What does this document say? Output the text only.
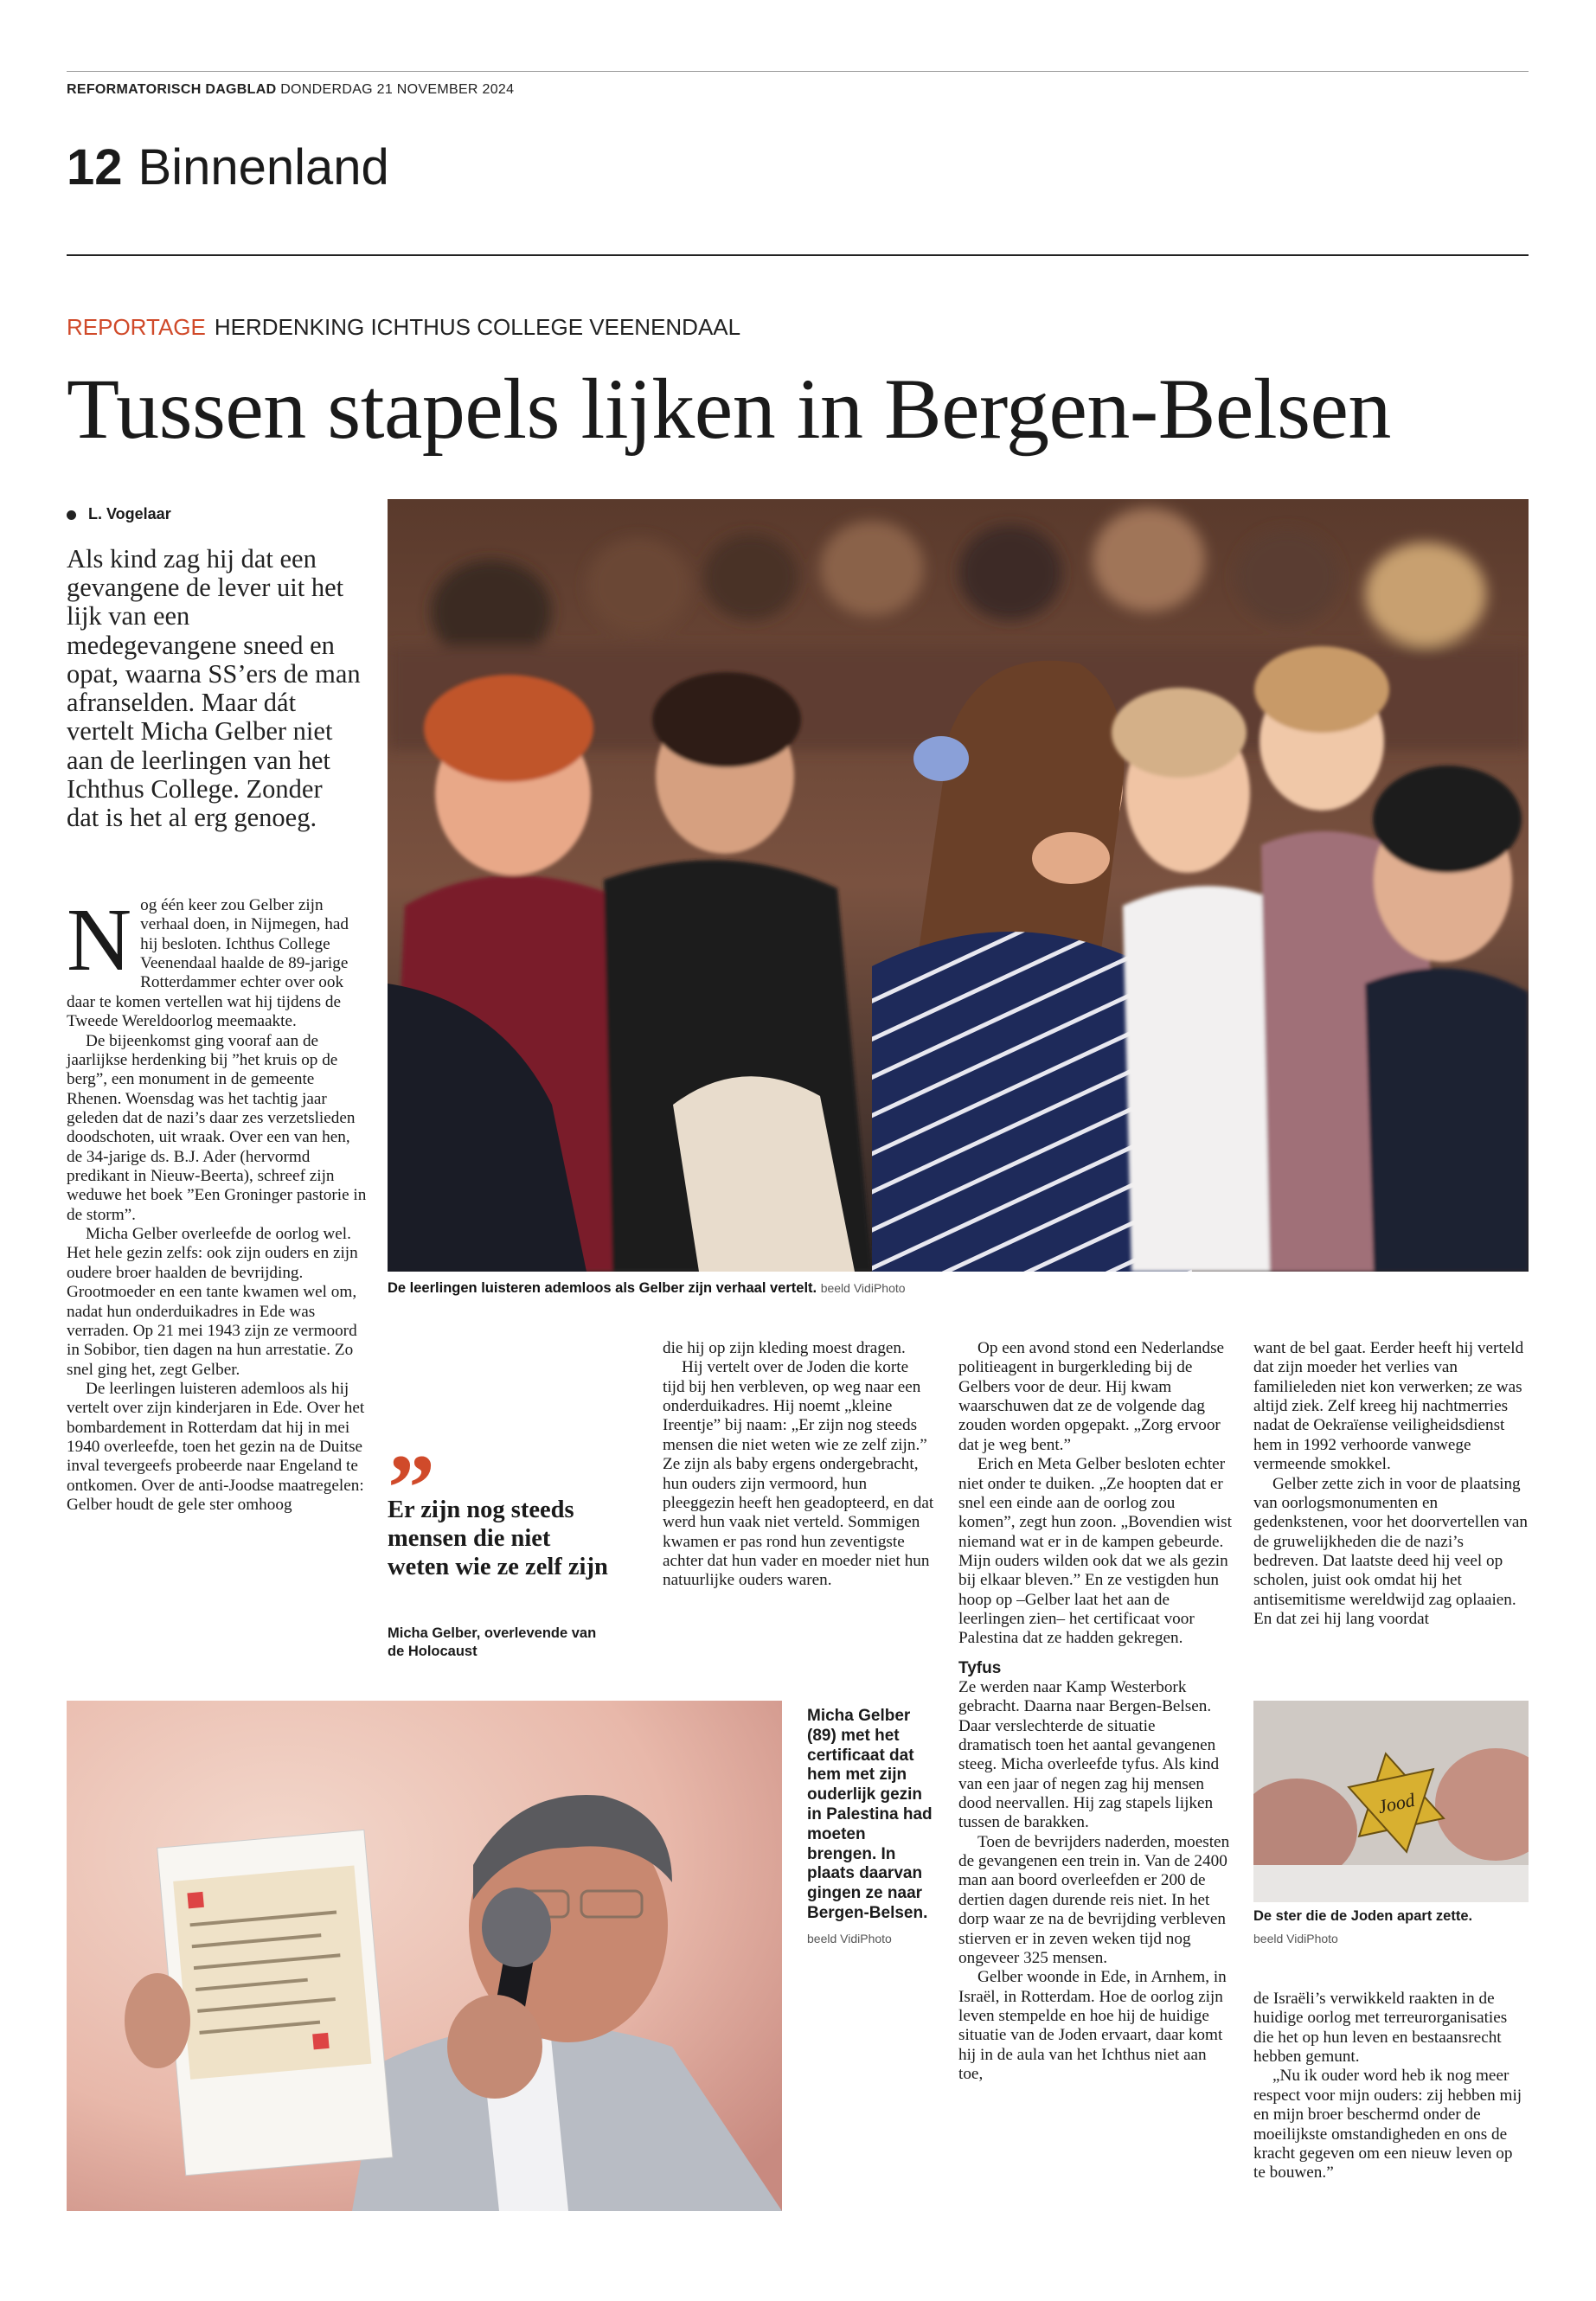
REFORMATORISCH DAGBLAD DONDERDAG 21 NOVEMBER 2024
12 Binnenland
REPORTAGE HERDENKING ICHTHUS COLLEGE VEENENDAAL
Tussen stapels lijken in Bergen-Belsen
L. Vogelaar

Als kind zag hij dat een gevangene de lever uit het lijk van een medegevangene sneed en opat, waarna SS’ers de man afranselden. Maar dát vertelt Micha Gelber niet aan de leerlingen van het Ichthus College. Zonder dat is het al erg genoeg.

Nog één keer zou Gelber zijn verhaal doen, in Nijmegen, had hij besloten. Ichthus College Veenendaal haalde de 89-jarige Rotterdammer echter over ook daar te komen vertellen wat hij tijdens de Tweede Wereldoorlog meemaakte.

De bijeenkomst ging vooraf aan de jaarlijkse herdenking bij ”het kruis op de berg”, een monument in de gemeente Rhenen. Woensdag was het tachtig jaar geleden dat de nazi’s daar zes verzetslieden doodschoten, uit wraak. Over een van hen, de 34-jarige ds. B.J. Ader (hervormd predikant in Nieuw-Beerta), schreef zijn weduwe het boek ”Een Groninger pastorie in de storm”.

Micha Gelber overleefde de oorlog wel. Het hele gezin zelfs: ook zijn ouders en zijn oudere broer haalden de bevrijding. Grootmoeder en een tante kwamen wel om, nadat hun onderduikadres in Ede was verraden. Op 21 mei 1943 zijn ze vermoord in Sobibor, tien dagen na hun arrestatie. Zo snel ging het, zegt Gelber.

De leerlingen luisteren ademloos als hij vertelt over zijn kinderjaren in Ede. Over het bombardement in Rotterdam dat hij in mei 1940 overleefde, toen het gezin na de Duitse inval tevergeefs probeerde naar Engeland te ontkomen. Over de anti-Joodse maatregelen: Gelber houdt de gele ster omhoog

De leerlingen luisteren ademloos als Gelber zijn verhaal vertelt. beeld VidiPhoto
”

Er zijn nog steeds mensen die niet weten wie ze zelf zijn

Micha Gelber, overlevende van de Holocaust

die hij op zijn kleding moest dragen.

Hij vertelt over de Joden die korte tijd bij hen verbleven, op weg naar een onderduikadres. Hij noemt „kleine Ireentje” bij naam: „Er zijn nog steeds mensen die niet weten wie ze zelf zijn.” Ze zijn als baby ergens ondergebracht, hun ouders zijn vermoord, hun pleeggezin heeft hen geadopteerd, en dat werd hun vaak niet verteld. Sommigen kwamen er pas rond hun zeventigste achter dat hun vader en moeder niet hun natuurlijke ouders waren.

Op een avond stond een Nederlandse politieagent in burgerkleding bij de Gelbers voor de deur. Hij kwam waarschuwen dat ze de volgende dag zouden worden opgepakt. „Zorg ervoor dat je weg bent.”

Erich en Meta Gelber besloten echter niet onder te duiken. „Ze hoopten dat er snel een einde aan de oorlog zou komen”, zegt hun zoon. „Bovendien wist niemand wat er in de kampen gebeurde. Mijn ouders wilden ook dat we als gezin bij elkaar bleven.” En ze vestigden hun hoop op –Gelber laat het aan de leerlingen zien– het certificaat voor Palestina dat ze hadden gekregen.

Tyfus

Ze werden naar Kamp Westerbork gebracht. Daarna naar Bergen-Belsen. Daar verslechterde de situatie dramatisch toen het aantal gevangenen steeg. Micha overleefde tyfus. Als kind van een jaar of negen zag hij mensen dood neervallen. Hij zag stapels lijken tussen de barakken.

Toen de bevrijders naderden, moesten de gevangenen een trein in. Van de 2400 man aan boord overleefden er 200 de dertien dagen durende reis niet. In het dorp waar ze na de bevrijding verbleven stierven er in zeven weken tijd nog ongeveer 325 mensen.

Gelber woonde in Ede, in Arnhem, in Israël, in Rotterdam. Hoe de oorlog zijn leven stempelde en hoe hij de huidige situatie van de Joden ervaart, daar komt hij in de aula van het Ichthus niet aan toe,

want de bel gaat. Eerder heeft hij verteld dat zijn moeder het verlies van familieleden niet kon verwerken; ze was altijd ziek. Zelf kreeg hij nachtmerries nadat de Oekraïense veiligheidsdienst hem in 1992 verhoorde vanwege vermeende smokkel.

Gelber zette zich in voor de plaatsing van oorlogsmonumenten en gedenkstenen, voor het doorvertellen van de gruwelijkheden die de nazi’s bedreven. Dat laatste deed hij veel op scholen, juist ook omdat hij het antisemitisme wereldwijd zag oplaaien. En dat zei hij lang voordat

de Israëli’s verwikkeld raakten in de huidige oorlog met terreurorganisaties die het op hun leven en bestaansrecht hebben gemunt.

„Nu ik ouder word heb ik nog meer respect voor mijn ouders: zij hebben mij en mijn broer beschermd onder de moeilijkste omstandigheden en ons de kracht gegeven om een nieuw leven op te bouwen.”

Micha Gelber (89) met het certificaat dat hem met zijn ouderlijk gezin in Palestina had moeten brengen. In plaats daarvan gingen ze naar Bergen-Belsen.

beeld VidiPhoto
Jood
De ster die de Joden apart zette.
beeld VidiPhoto
